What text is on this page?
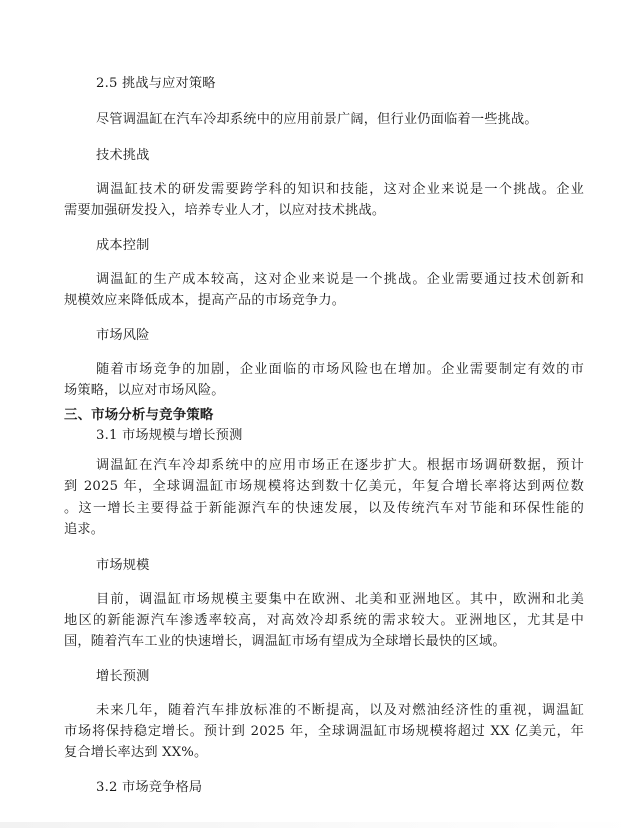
2.5 挑战与应对策略
尽管调温缸在汽车冷却系统中的应用前景广阔，但行业仍面临着一些挑战。
技术挑战
调温缸技术的研发需要跨学科的知识和技能，这对企业来说是一个挑战。企业
需要加强研发投入，培养专业人才，以应对技术挑战。
成本控制
调温缸的生产成本较高，这对企业来说是一个挑战。企业需要通过技术创新和
规模效应来降低成本，提高产品的市场竞争力。
市场风险
随着市场竞争的加剧，企业面临的市场风险也在增加。企业需要制定有效的市
场策略，以应对市场风险。
三、市场分析与竞争策略
3.1 市场规模与增长预测
调温缸在汽车冷却系统中的应用市场正在逐步扩大。根据市场调研数据，预计
到 2025 年，全球调温缸市场规模将达到数十亿美元，年复合增长率将达到两位数
。这一增长主要得益于新能源汽车的快速发展，以及传统汽车对节能和环保性能的
追求。
市场规模
目前，调温缸市场规模主要集中在欧洲、北美和亚洲地区。其中，欧洲和北美
地区的新能源汽车渗透率较高，对高效冷却系统的需求较大。亚洲地区，尤其是中
国，随着汽车工业的快速增长，调温缸市场有望成为全球增长最快的区域。
增长预测
未来几年，随着汽车排放标准的不断提高，以及对燃油经济性的重视，调温缸
市场将保持稳定增长。预计到 2025 年，全球调温缸市场规模将超过 XX 亿美元，年
复合增长率达到 XX%。
3.2 市场竞争格局
